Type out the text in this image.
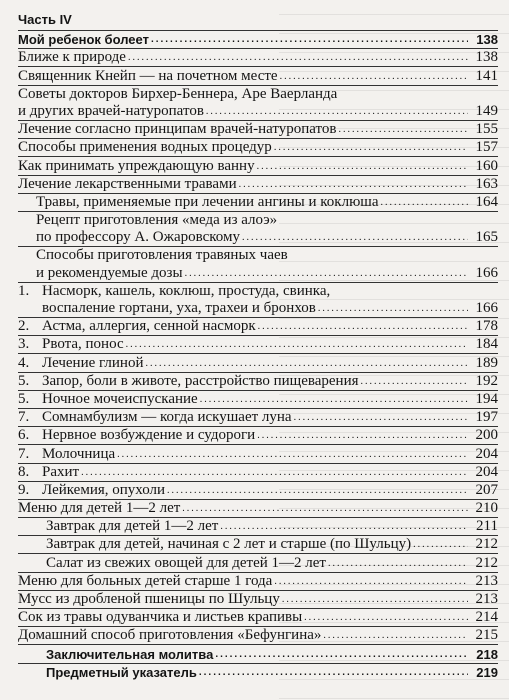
Часть IV
Мой ребенок болеет .....	138
Ближе к природе .....	138
Священник Кнейп — на почетном месте .....	141
Советы докторов Бирхер-Беннера, Аре Ваерланда
и других врачей-натуропатов .....	149
Лечение согласно принципам врачей-натуропатов .....	155
Способы применения водных процедур .....	157
Как принимать упреждающую ванну .....	160
Лечение лекарственными травами .....	163
Травы, применяемые при лечении ангины и коклюша .....	164
Рецепт приготовления «меда из алоэ»
по профессору А. Ожаровскому .....	165
Способы приготовления травяных чаев
и рекомендуемые дозы .....	166
1. Насморк, кашель, коклюш, простуда, свинка,
воспаление гортани, уха, трахеи и бронхов .....	166
2. Астма, аллергия, сенной насморк .....	178
3. Рвота, понос .....	184
4. Лечение глиной .....	189
5. Запор, боли в животе, расстройство пищеварения .....	192
5. Ночное мочеиспускание .....	194
7. Сомнамбулизм — когда искушает луна .....	197
6. Нервное возбуждение и судороги .....	200
7. Молочница .....	204
8. Рахит .....	204
9. Лейкемия, опухоли .....	207
Меню для детей 1—2 лет .....	210
Завтрак для детей 1—2 лет .....	211
Завтрак для детей, начиная с 2 лет и старше (по Шульцу) .....	212
Салат из свежих овощей для детей 1—2 лет .....	212
Меню для больных детей старше 1 года .....	213
Мусс из дробленой пшеницы по Шульцу .....	213
Сок из травы одуванчика и листьев крапивы .....	214
Домашний способ приготовления «Бефунгина» .....	215
Заключительная молитва .....	218
Предметный указатель .....	219
